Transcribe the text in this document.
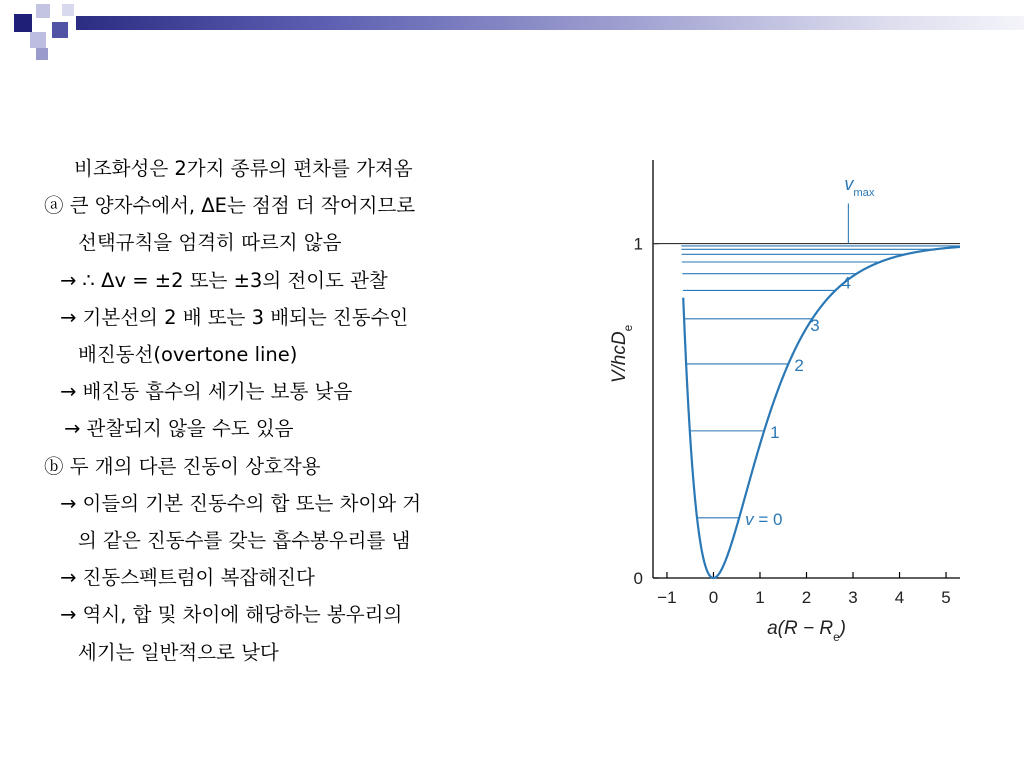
비조화성은 2가지 종류의 편차를 가져옴

ⓐ 큰 양자수에서, ΔE는 점점 더 작어지므로

선택규칙을 엄격히 따르지 않음

→ ∴ Δv = ±2 또는 ±3의 전이도 관찰

→ 기본선의 2 배 또는 3 배되는 진동수인

배진동선(overtone line)

→ 배진동 흡수의 세기는 보통 낮음

→ 관찰되지 않을 수도 있음

ⓑ 두 개의 다른 진동이 상호작용

→ 이들의 기본 진동수의 합 또는 차이와 거

의 같은 진동수를 갖는 흡수봉우리를 냄

→ 진동스펙트럼이 복잡해진다

→ 역시, 합 및 차이에 해당하는 봉우리의

세기는 일반적으로 낮다

−1 0 1 2 3 4 5
0
1
v = 0
1
2
3
4
$v_{max}$
$a(R - R_e)$
V/hcD$_e$
